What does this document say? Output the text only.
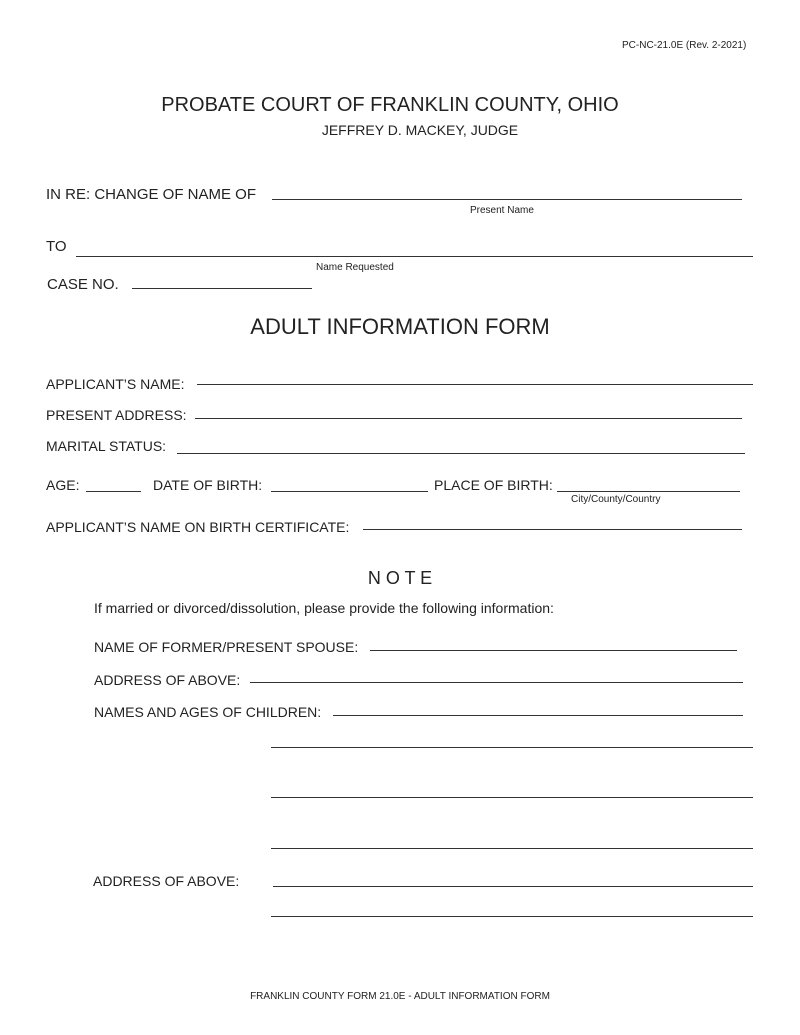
PC-NC-21.0E (Rev. 2-2021)
PROBATE COURT OF FRANKLIN COUNTY, OHIO
JEFFREY D. MACKEY, JUDGE
IN RE: CHANGE OF NAME OF
Present Name
TO
Name Requested
CASE NO.
ADULT INFORMATION FORM
APPLICANT’S NAME:
PRESENT ADDRESS:
MARITAL STATUS:
AGE:	DATE OF BIRTH:	PLACE OF BIRTH:
City/County/Country
APPLICANT’S NAME ON BIRTH CERTIFICATE:
N O T E
If married or divorced/dissolution, please provide the following information:
NAME OF FORMER/PRESENT SPOUSE:
ADDRESS OF ABOVE:
NAMES AND AGES OF CHILDREN:
ADDRESS OF ABOVE:
FRANKLIN COUNTY FORM 21.0E - ADULT INFORMATION FORM
